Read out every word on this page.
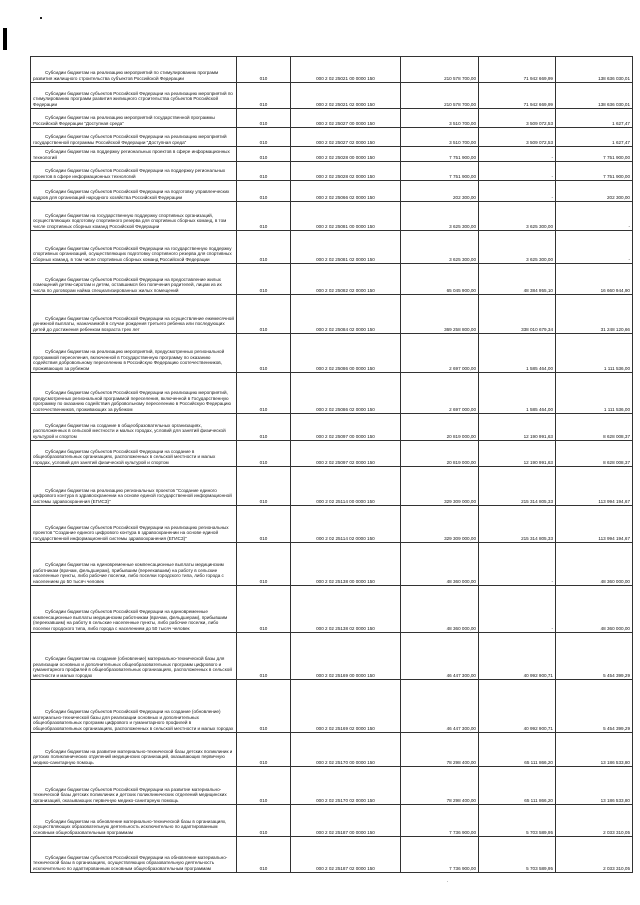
Субсидии бюджетам на реализацию мероприятий по стимулированию программ развития жилищного строительства субъектов Российской Федерации	010	000 2 02 25021 00 0000 150	210 578 700,00	71 942 669,99	138 636 030,01
Субсидии бюджетам субъектов Российской Федерации на реализацию мероприятий по стимулированию программ развития жилищного строительства субъектов Российской Федерации	010	000 2 02 25021 02 0000 150	210 578 700,00	71 942 669,99	138 636 030,01
Субсидии бюджетам на реализацию мероприятий государственной программы Российской Федерации "Доступная среда"	010	000 2 02 25027 00 0000 150	3 510 700,00	3 509 072,53	1 627,47
Субсидии бюджетам субъектов Российской Федерации на реализацию мероприятий государственной программы Российской Федерации "Доступная среда"	010	000 2 02 25027 02 0000 150	3 510 700,00	3 509 072,53	1 627,47
Субсидии бюджетам на поддержку региональных проектов в сфере информационных технологий	010	000 2 02 25028 00 0000 150	7 751 900,00	-	7 751 900,00
Субсидии бюджетам субъектов Российской Федерации на поддержку региональных проектов в сфере информационных технологий	010	000 2 02 25028 02 0000 150	7 751 900,00	-	7 751 900,00
Субсидии бюджетам субъектов Российской Федерации на подготовку управленческих кадров для организаций народного хозяйства Российской Федерации	010	000 2 02 25066 02 0000 150	202 300,00	-	202 300,00
Субсидии бюджетам на государственную поддержку спортивных организаций, осуществляющих подготовку спортивного резерва для спортивных сборных команд, в том числе спортивных сборных команд Российской Федерации	010	000 2 02 25081 00 0000 150	3 625 300,00	3 625 300,00	-
Субсидии бюджетам субъектов Российской Федерации на государственную поддержку спортивных организаций, осуществляющих подготовку спортивного резерва для спортивных сборных команд, в том числе спортивных сборных команд Российской Федерации	010	000 2 02 25081 02 0000 150	3 625 300,00	3 625 300,00	-
Субсидии бюджетам субъектов Российской Федерации на предоставление жилых помещений детям-сиротам и детям, оставшимся без попечения родителей, лицам из их числа по договорам найма специализированных жилых помещений	010	000 2 02 25082 02 0000 150	65 045 900,00	48 384 955,10	16 660 944,90
Субсидии бюджетам субъектов Российской Федерации на осуществление ежемесячной денежной выплаты, назначаемой в случае рождения третьего ребенка или последующих детей до достижения ребенком возраста трех лет	010	000 2 02 25084 02 0000 150	369 258 800,00	338 010 679,34	31 248 120,66
Субсидии бюджетам на реализацию мероприятий, предусмотренных региональной программой переселения, включенной в Государственную программу по оказанию содействия добровольному переселению в Российскую Федерацию соотечественников, проживающих за рубежом	010	000 2 02 25086 00 0000 150	2 697 000,00	1 585 464,00	1 111 536,00
Субсидии бюджетам субъектов Российской Федерации на реализацию мероприятий, предусмотренных региональной программой переселения, включенной в Государственную программу по оказанию содействия добровольному переселению в Российскую Федерацию соотечественников, проживающих за рубежом	010	000 2 02 25086 02 0000 150	2 697 000,00	1 585 464,00	1 111 536,00
Субсидии бюджетам на создание в общеобразовательных организациях, расположенных в сельской местности и малых городах, условий для занятий физической культурой и спортом	010	000 2 02 25097 00 0000 150	20 819 000,00	12 190 991,63	8 628 008,37
Субсидии бюджетам субъектов Российской Федерации на создание в общеобразовательных организациях, расположенных в сельской местности и малых городах, условий для занятий физической культурой и спортом	010	000 2 02 25097 02 0000 150	20 819 000,00	12 190 991,63	8 628 008,37
Субсидии бюджетам на реализацию региональных проектов "Создание единого цифрового контура в здравоохранении на основе единой государственной информационной системы здравоохранения (ЕГИСЗ)"	010	000 2 02 25114 00 0000 150	329 309 000,00	215 314 805,33	113 994 194,67
Субсидии бюджетам субъектов Российской Федерации на реализацию региональных проектов "Создание единого цифрового контура в здравоохранении на основе единой государственной информационной системы здравоохранения (ЕГИСЗ)"	010	000 2 02 25114 02 0000 150	329 309 000,00	215 314 805,33	113 994 194,67
Субсидии бюджетам на единовременные компенсационные выплаты медицинским работникам (врачам, фельдшерам), прибывшим (переехавшим) на работу в сельские населенные пункты, либо рабочие поселки, либо поселки городского типа, либо города с населением до 50 тысяч человек	010	000 2 02 25138 00 0000 150	48 360 000,00	-	48 360 000,00
Субсидии бюджетам субъектов Российской Федерации на единовременные компенсационные выплаты медицинским работникам (врачам, фельдшерам), прибывшим (переехавшим) на работу в сельские населенные пункты, либо рабочие поселки, либо поселки городского типа, либо города с населением до 50 тысяч человек	010	000 2 02 25138 02 0000 150	48 360 000,00	-	48 360 000,00
Субсидии бюджетам на создание (обновление) материально-технической базы для реализации основных и дополнительных общеобразовательных программ цифрового и гуманитарного профилей в общеобразовательных организациях, расположенных в сельской местности и малых городах	010	000 2 02 25169 00 0000 150	46 447 300,00	40 992 900,71	5 454 399,29
Субсидии бюджетам субъектов Российской Федерации на создание (обновление) материально-технической базы для реализации основных и дополнительных общеобразовательных программ цифрового и гуманитарного профилей в общеобразовательных организациях, расположенных в сельской местности и малых городах	010	000 2 02 25169 02 0000 150	46 447 300,00	40 992 900,71	5 454 399,29
Субсидии бюджетам на развитие материально-технической базы детских поликлиник и детских поликлинических отделений медицинских организаций, оказывающих первичную медико-санитарную помощь	010	000 2 02 25170 00 0000 150	78 298 400,00	65 111 866,20	13 186 533,80
Субсидии бюджетам субъектов Российской Федерации на развитие материально-технической базы детских поликлиник и детских поликлинических отделений медицинских организаций, оказывающих первичную медико-санитарную помощь	010	000 2 02 25170 02 0000 150	78 298 400,00	65 111 866,20	13 186 533,80
Субсидии бюджетам на обновление материально-технической базы в организациях, осуществляющих образовательную деятельность исключительно по адаптированным основным общеобразовательным программам	010	000 2 02 25187 00 0000 150	7 736 900,00	5 703 589,95	2 033 310,05
Субсидии бюджетам субъектов Российской Федерации на обновление материально-технической базы в организациях, осуществляющих образовательную деятельность исключительно по адаптированным основным общеобразовательным программам	010	000 2 02 25187 02 0000 150	7 736 900,00	5 703 589,95	2 033 310,05
.
